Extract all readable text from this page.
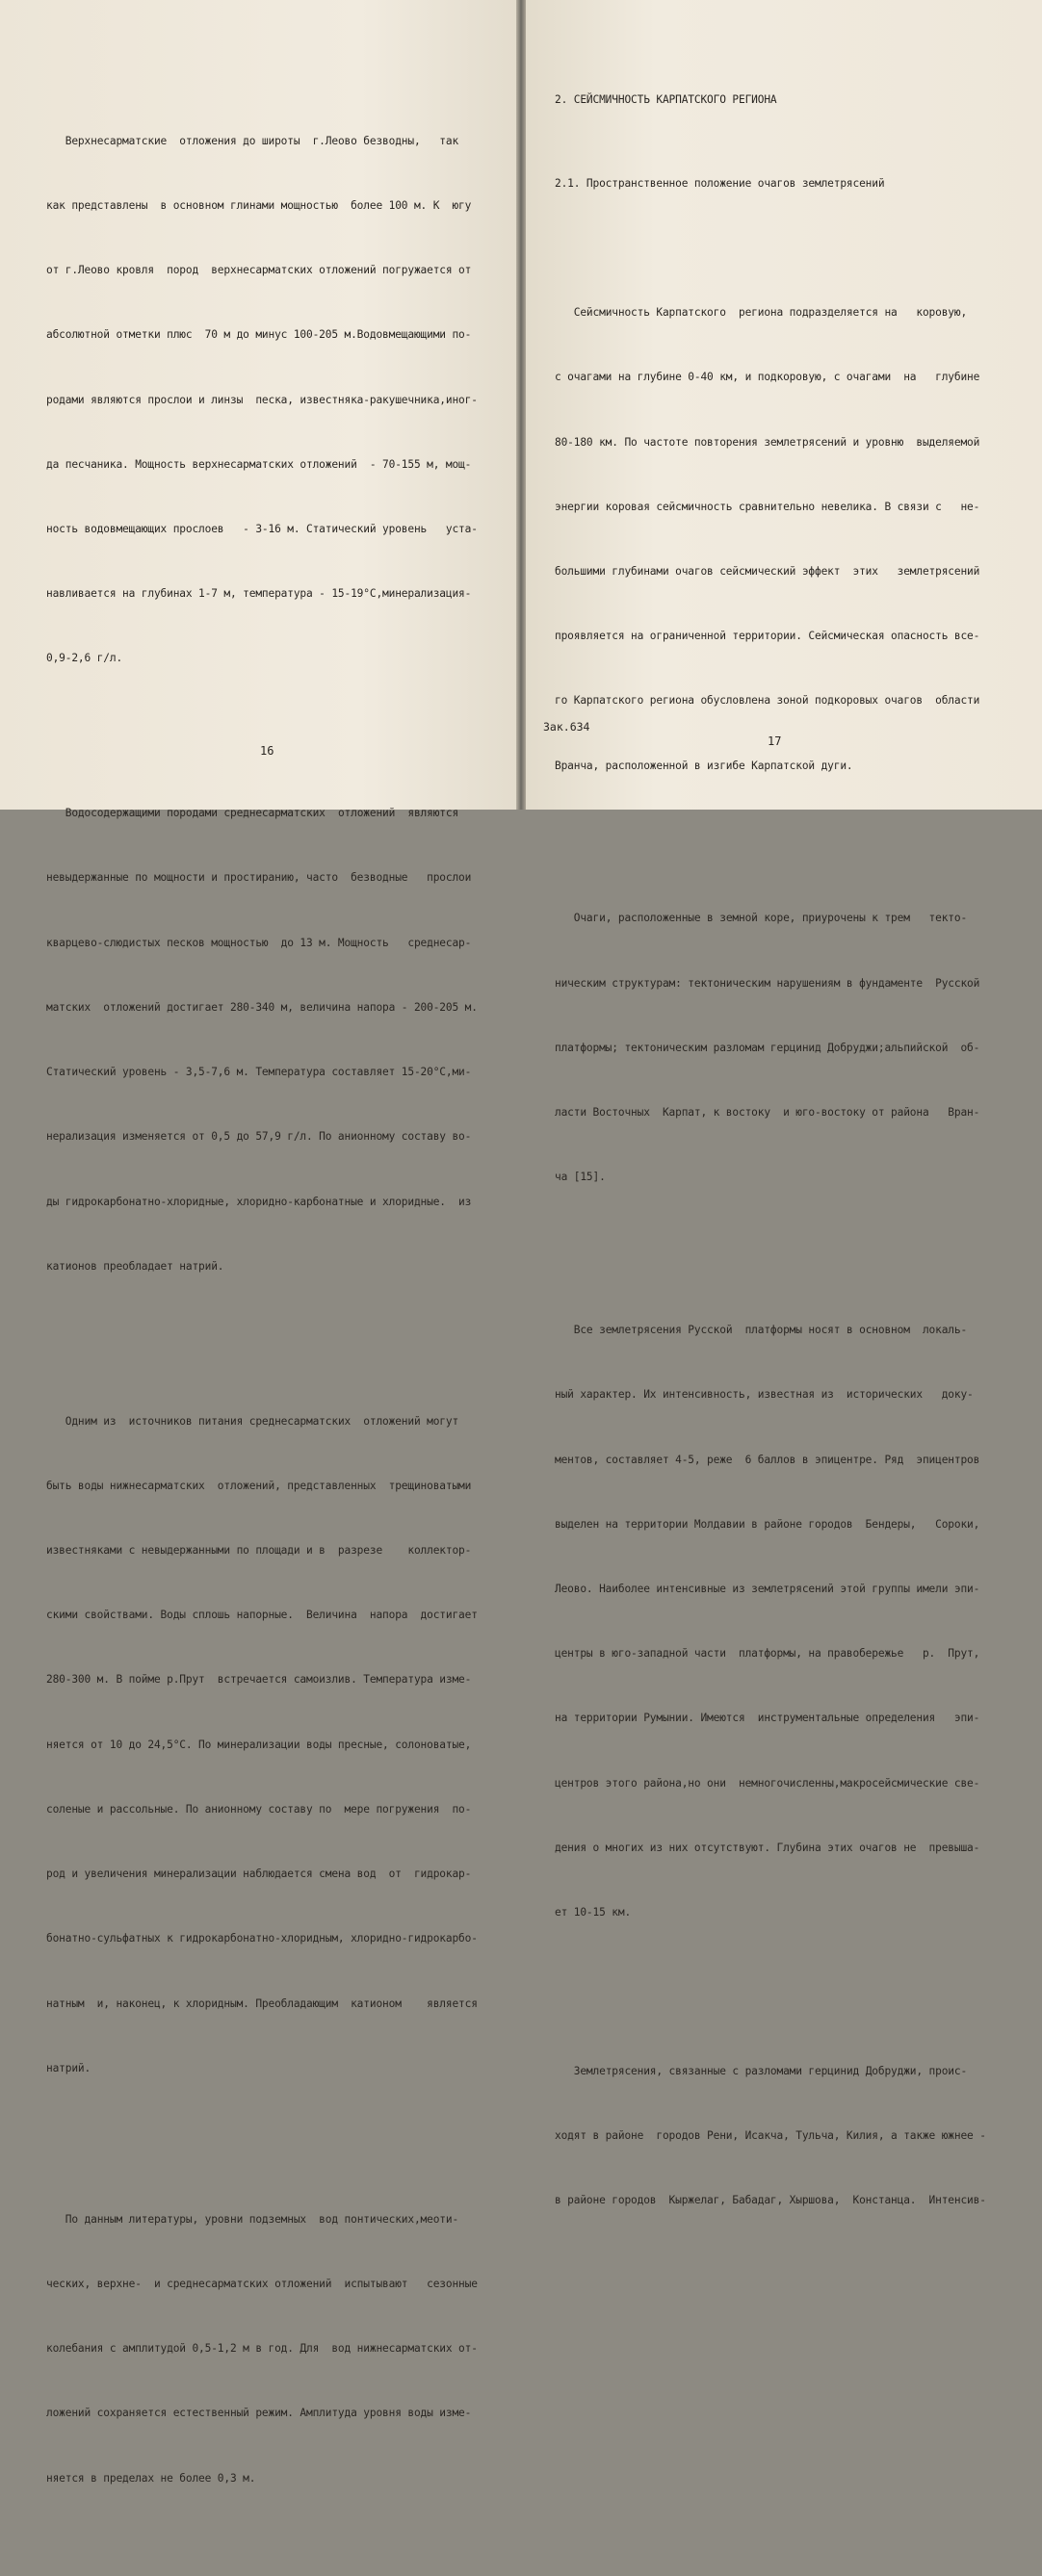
Верхнесарматские  отложения до широты  г.Леово безводны,   так

как представлены  в основном глинами мощностью  более 100 м. К  югу

от г.Леово кровля  пород  верхнесарматских отложений погружается от

абсолютной отметки плюс  70 м до минус 100-205 м.Водовмещающими по-

родами являются прослои и линзы  песка, известняка-ракушечника,иног-

да песчаника. Мощность верхнесарматских отложений  - 70-155 м, мощ-

ность водовмещающих прослоев   - 3-16 м. Статический уровень   уста-

навливается на глубинах 1-7 м, температура - 15-19°С,минерализация-

0,9-2,6 г/л.

Водосодержащими породами среднесарматских  отложений  являются

невыдержанные по мощности и простиранию, часто  безводные   прослои

кварцево-слюдистых песков мощностью  до 13 м. Мощность   среднесар-

матских  отложений достигает 280-340 м, величина напора - 200-205 м.

Статический уровень - 3,5-7,6 м. Температура составляет 15-20°С,ми-

нерализация изменяется от 0,5 до 57,9 г/л. По анионному составу во-

ды гидрокарбонатно-хлоридные, хлоридно-карбонатные и хлоридные.  из

катионов преобладает натрий.

Одним из  источников питания среднесарматских  отложений могут

быть воды нижнесарматских  отложений, представленных  трещиноватыми

известняками с невыдержанными по площади и в  разрезе    коллектор-

скими свойствами. Воды сплошь напорные.  Величина  напора  достигает

280-300 м. В пойме р.Прут  встречается самоизлив. Температура изме-

няется от 10 до 24,5°С. По минерализации воды пресные, солоноватые,

соленые и рассольные. По анионному составу по  мере погружения  по-

род и увеличения минерализации наблюдается смена вод  от  гидрокар-

бонатно-сульфатных к гидрокарбонатно-хлоридным, хлоридно-гидрокарбо-

натным  и, наконец, к хлоридным. Преобладающим  катионом    является

натрий.

По данным литературы, уровни подземных  вод понтических,меоти-

ческих, верхне-  и среднесарматских отложений  испытывают   сезонные

колебания с амплитудой 0,5-1,2 м в год. Для  вод нижнесарматских от-

ложений сохраняется естественный режим. Амплитуда уровня воды изме-

няется в пределах не более 0,3 м.

16

2. СЕЙСМИЧНОСТЬ КАРПАТСКОГО РЕГИОНА

2.1. Пространственное положение очагов землетрясений

Сейсмичность Карпатского  региона подразделяется на   коровую,

с очагами на глубине 0-40 км, и подкоровую, с очагами  на   глубине

80-180 км. По частоте повторения землетрясений и уровню  выделяемой

энергии коровая сейсмичность сравнительно невелика. В связи с   не-

большими глубинами очагов сейсмический эффект  этих   землетрясений

проявляется на ограниченной территории. Сейсмическая опасность все-

го Карпатского региона обусловлена зоной подкоровых очагов  области

Вранча, расположенной в изгибе Карпатской дуги.

Очаги, расположенные в земной коре, приурочены к трем   текто-

ническим структурам: тектоническим нарушениям в фундаменте  Русской

платформы; тектоническим разломам герцинид Добруджи;альпийской  об-

ласти Восточных  Карпат, к востоку  и юго-востоку от района   Вран-

ча [15].

Все землетрясения Русской  платформы носят в основном  локаль-

ный характер. Их интенсивность, известная из  исторических   доку-

ментов, составляет 4-5, реже  6 баллов в эпицентре. Ряд  эпицентров

выделен на территории Молдавии в районе городов  Бендеры,   Сороки,

Леово. Наиболее интенсивные из землетрясений этой группы имели эпи-

центры в юго-западной части  платформы, на правобережье   р.  Прут,

на территории Румынии. Имеются  инструментальные определения   эпи-

центров этого района,но они  немногочисленны,макросейсмические све-

дения о многих из них отсутствуют. Глубина этих очагов не  превыша-

ет 10-15 км.

Землетрясения, связанные с разломами герцинид Добруджи, проис-

ходят в районе  городов Рени, Исакча, Тульча, Килия, а также южнее -

в районе городов  Кыржелаг, Бабадаг, Хыршова,  Констанца.  Интенсив-

Зак.634
17
